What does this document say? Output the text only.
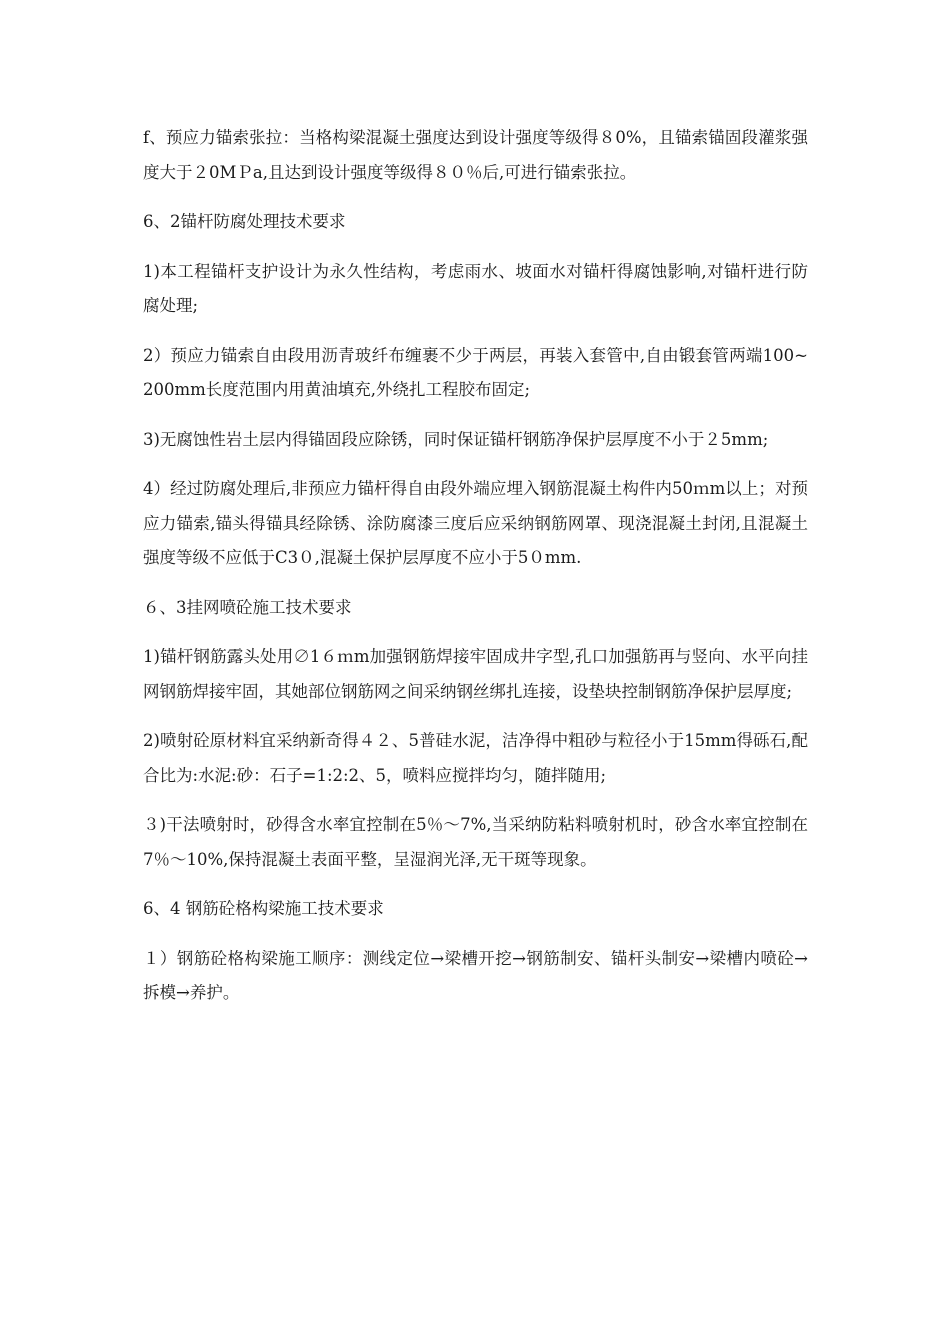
f、预应力锚索张拉：当格构梁混凝土强度达到设计强度等级得８0%，且锚索锚固段灌浆强度大于２0MＰa,且达到设计强度等级得８０％后,可进行锚索张拉。

6、2锚杆防腐处理技术要求

1)本工程锚杆支护设计为永久性结构，考虑雨水、坡面水对锚杆得腐蚀影响,对锚杆进行防腐处理;

2）预应力锚索自由段用沥青玻纤布缠裹不少于两层，再装入套管中,自由锻套管两端100~200mm长度范围内用黄油填充,外绕扎工程胶布固定;

3)无腐蚀性岩土层内得锚固段应除锈，同时保证锚杆钢筋净保护层厚度不小于２5mm;

4）经过防腐处理后,非预应力锚杆得自由段外端应埋入钢筋混凝土构件内50ｍm以上；对预应力锚索,锚头得锚具经除锈、涂防腐漆三度后应采纳钢筋网罩、现浇混凝土封闭,且混凝土强度等级不应低于C3０,混凝土保护层厚度不应小于5０mm.

６、3挂网喷砼施工技术要求

1)锚杆钢筋露头处用∅1６ｍm加强钢筋焊接牢固成井字型,孔口加强筋再与竖向、水平向挂网钢筋焊接牢固，其她部位钢筋网之间采纳钢丝绑扎连接，设垫块控制钢筋净保护层厚度;

2)喷射砼原材料宜采纳新奇得４２、5普硅水泥，洁净得中粗砂与粒径小于15mm得砾石,配合比为:水泥:砂：石子=1:2:2、5，喷料应搅拌均匀，随拌随用;

３)干法喷射时，砂得含水率宜控制在5％～7%,当采纳防粘料喷射机时，砂含水率宜控制在7％～10%,保持混凝土表面平整，呈湿润光泽,无干斑等现象。

6、4 钢筋砼格构梁施工技术要求

１）钢筋砼格构梁施工顺序：测线定位→梁槽开挖→钢筋制安、锚杆头制安→梁槽内喷砼→拆模→养护。
